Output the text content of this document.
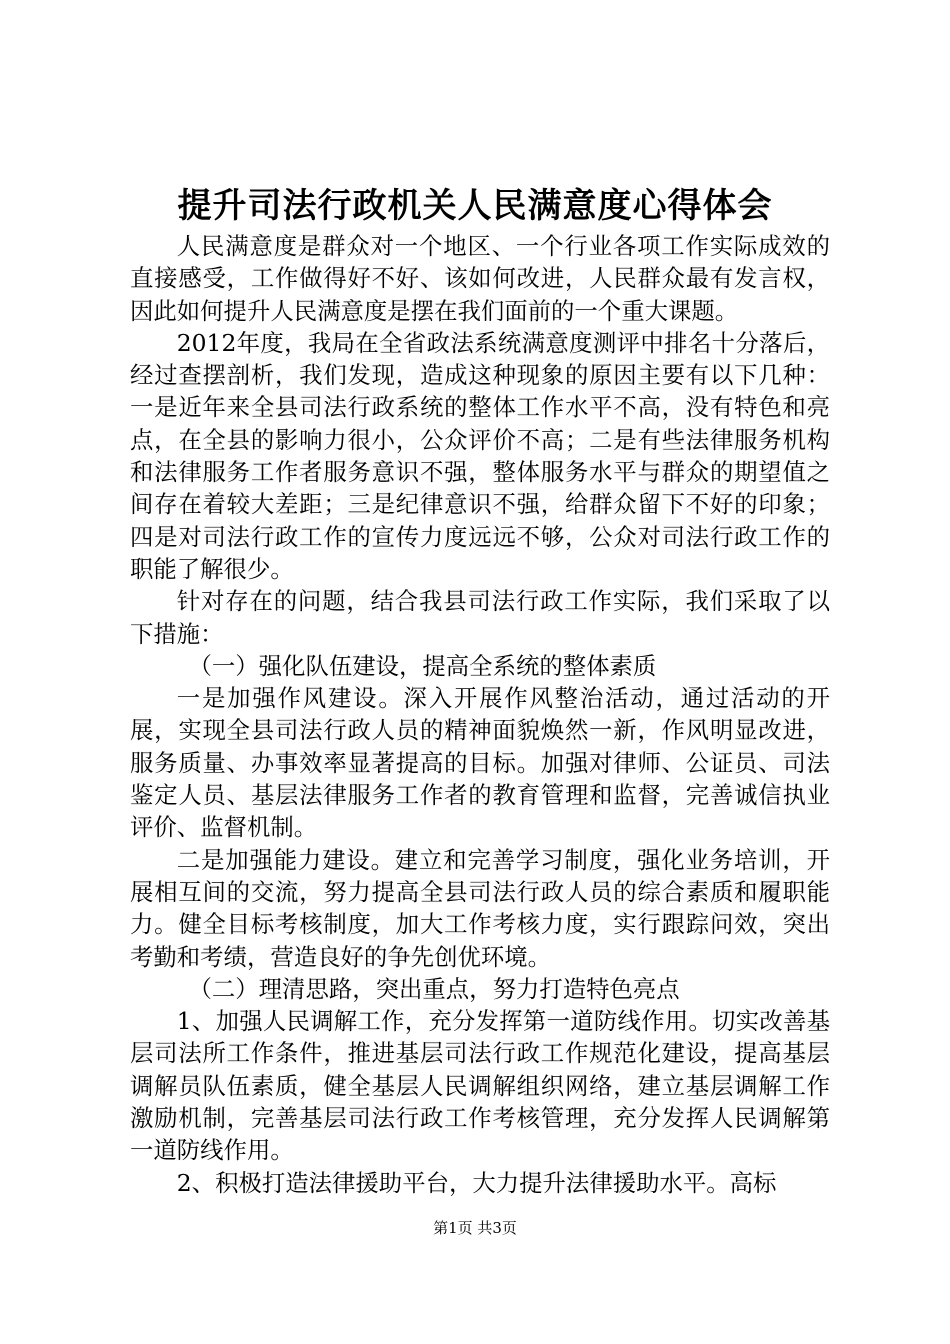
提升司法行政机关人民满意度心得体会

人民满意度是群众对一个地区、一个行业各项工作实际成效的直接感受，工作做得好不好、该如何改进，人民群众最有发言权，因此如何提升人民满意度是摆在我们面前的一个重大课题。

2012年度，我局在全省政法系统满意度测评中排名十分落后，经过查摆剖析，我们发现，造成这种现象的原因主要有以下几种：一是近年来全县司法行政系统的整体工作水平不高，没有特色和亮点，在全县的影响力很小，公众评价不高；二是有些法律服务机构和法律服务工作者服务意识不强，整体服务水平与群众的期望值之间存在着较大差距；三是纪律意识不强，给群众留下不好的印象；四是对司法行政工作的宣传力度远远不够，公众对司法行政工作的职能了解很少。

针对存在的问题，结合我县司法行政工作实际，我们采取了以下措施：

（一）强化队伍建设，提高全系统的整体素质

一是加强作风建设。深入开展作风整治活动，通过活动的开展，实现全县司法行政人员的精神面貌焕然一新，作风明显改进，服务质量、办事效率显著提高的目标。加强对律师、公证员、司法鉴定人员、基层法律服务工作者的教育管理和监督，完善诚信执业评价、监督机制。

二是加强能力建设。建立和完善学习制度，强化业务培训，开展相互间的交流，努力提高全县司法行政人员的综合素质和履职能力。健全目标考核制度，加大工作考核力度，实行跟踪问效，突出考勤和考绩，营造良好的争先创优环境。

（二）理清思路，突出重点，努力打造特色亮点

1、加强人民调解工作，充分发挥第一道防线作用。切实改善基层司法所工作条件，推进基层司法行政工作规范化建设，提高基层调解员队伍素质，健全基层人民调解组织网络，建立基层调解工作激励机制，完善基层司法行政工作考核管理，充分发挥人民调解第一道防线作用。

2、积极打造法律援助平台，大力提升法律援助水平。高标

第1页 共3页
